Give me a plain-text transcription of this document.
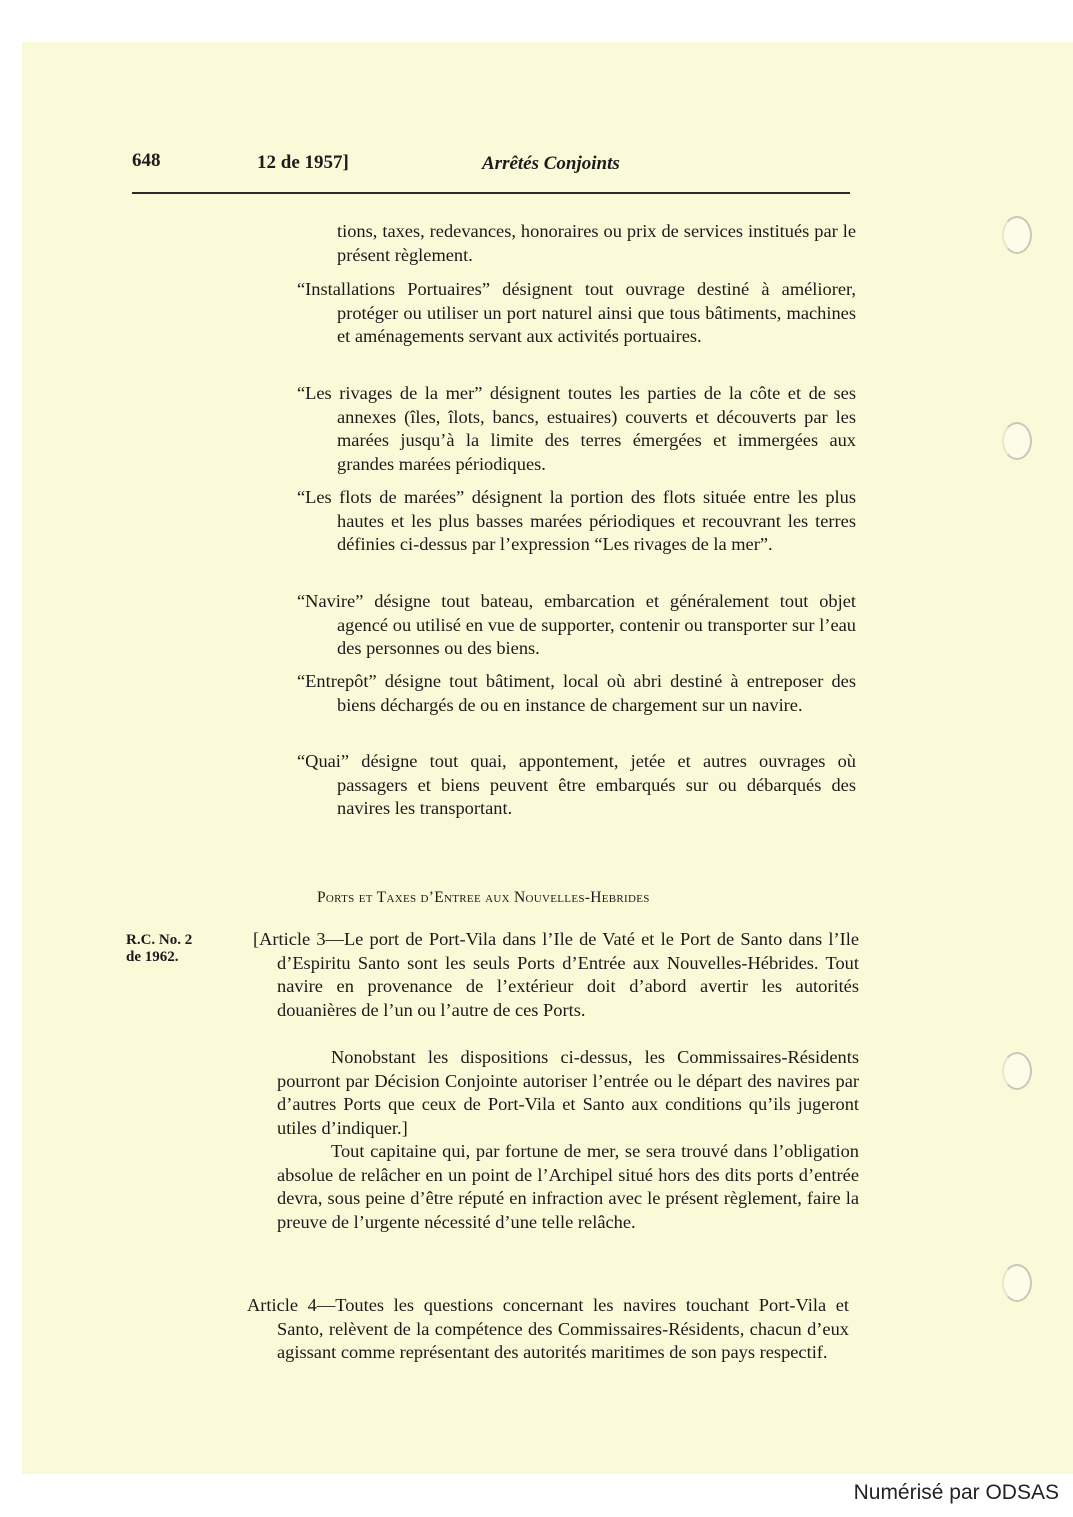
648	12 de 1957]	Arrêtés Conjoints
tions, taxes, redevances, honoraires ou prix de services institués par le présent règlement.
“Installations Portuaires” désignent tout ouvrage destiné à améliorer, protéger ou utiliser un port naturel ainsi que tous bâtiments, machines et aménagements servant aux activités portuaires.
“Les rivages de la mer” désignent toutes les parties de la côte et de ses annexes (îles, îlots, bancs, estuaires) couverts et découverts par les marées jusqu’à la limite des terres émergées et immergées aux grandes marées périodiques.
“Les flots de marées” désignent la portion des flots située entre les plus hautes et les plus basses marées périodiques et recouvrant les terres définies ci-dessus par l’expression “Les rivages de la mer”.
“Navire” désigne tout bateau, embarcation et généralement tout objet agencé ou utilisé en vue de supporter, contenir ou transporter sur l’eau des personnes ou des biens.
“Entrepôt” désigne tout bâtiment, local où abri destiné à entreposer des biens déchargés de ou en instance de chargement sur un navire.
“Quai” désigne tout quai, appontement, jetée et autres ouvrages où passagers et biens peuvent être embarqués sur ou débarqués des navires les transportant.
Ports et Taxes d’Entree aux Nouvelles-Hebrides
R.C. No. 2
de 1962.
[Article 3—Le port de Port-Vila dans l’Ile de Vaté et le Port de Santo dans l’Ile d’Espiritu Santo sont les seuls Ports d’Entrée aux Nouvelles-Hébrides. Tout navire en provenance de l’extérieur doit d’abord avertir les autorités douanières de l’un ou l’autre de ces Ports.
Nonobstant les dispositions ci-dessus, les Commissaires-Résidents pourront par Décision Conjointe autoriser l’entrée ou le départ des navires par d’autres Ports que ceux de Port-Vila et Santo aux conditions qu’ils jugeront utiles d’indiquer.]
Tout capitaine qui, par fortune de mer, se sera trouvé dans l’obligation absolue de relâcher en un point de l’Archipel situé hors des dits ports d’entrée devra, sous peine d’être réputé en infraction avec le présent règlement, faire la preuve de l’urgente nécessité d’une telle relâche.
Article 4—Toutes les questions concernant les navires touchant Port-Vila et Santo, relèvent de la compétence des Commissaires-Résidents, chacun d’eux agissant comme représentant des autorités maritimes de son pays respectif.
Numérisé par ODSAS
